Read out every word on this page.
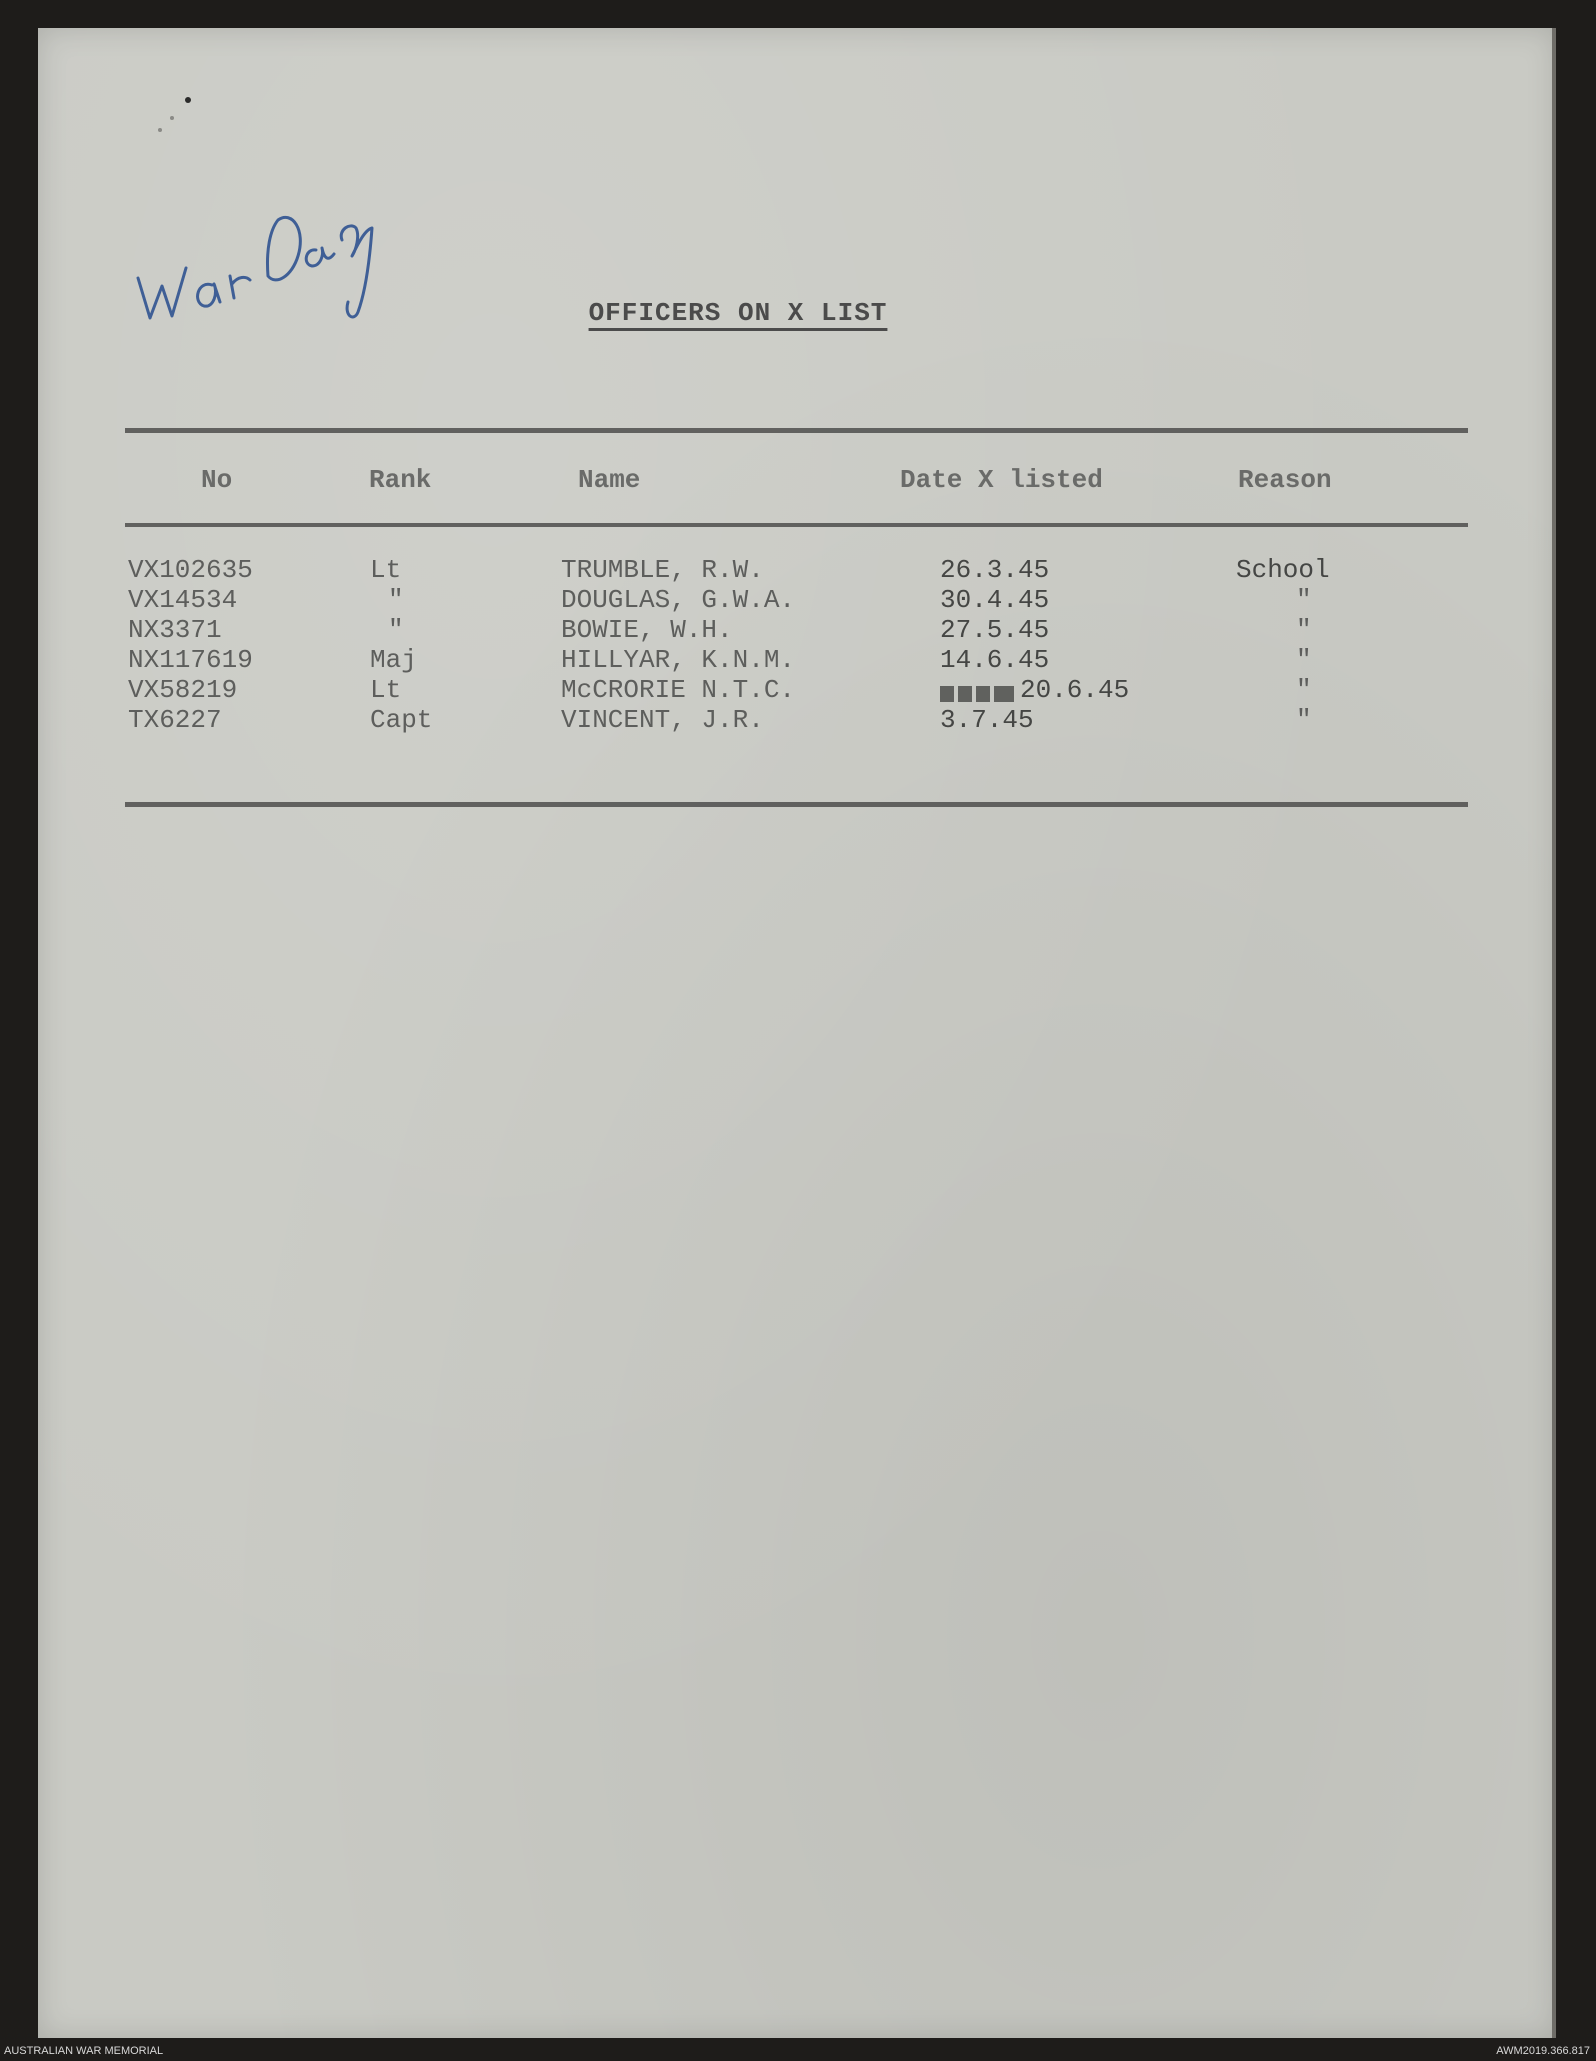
OFFICERS ON X LIST
No	Rank	Name	Date X listed	Reason
VX102635	Lt	TRUMBLE, R.W.	26.3.45	School
VX14534	"	DOUGLAS, G.W.A.	30.4.45	"
NX3371	"	BOWIE, W.H.	27.5.45	"
NX117619	Maj	HILLYAR, K.N.M.	14.6.45	"
VX58219	Lt	McCRORIE N.T.C.	20.6.45	"
TX6227	Capt	VINCENT, J.R.	3.7.45	"
AUSTRALIAN WAR MEMORIAL	AWM2019.366.817
